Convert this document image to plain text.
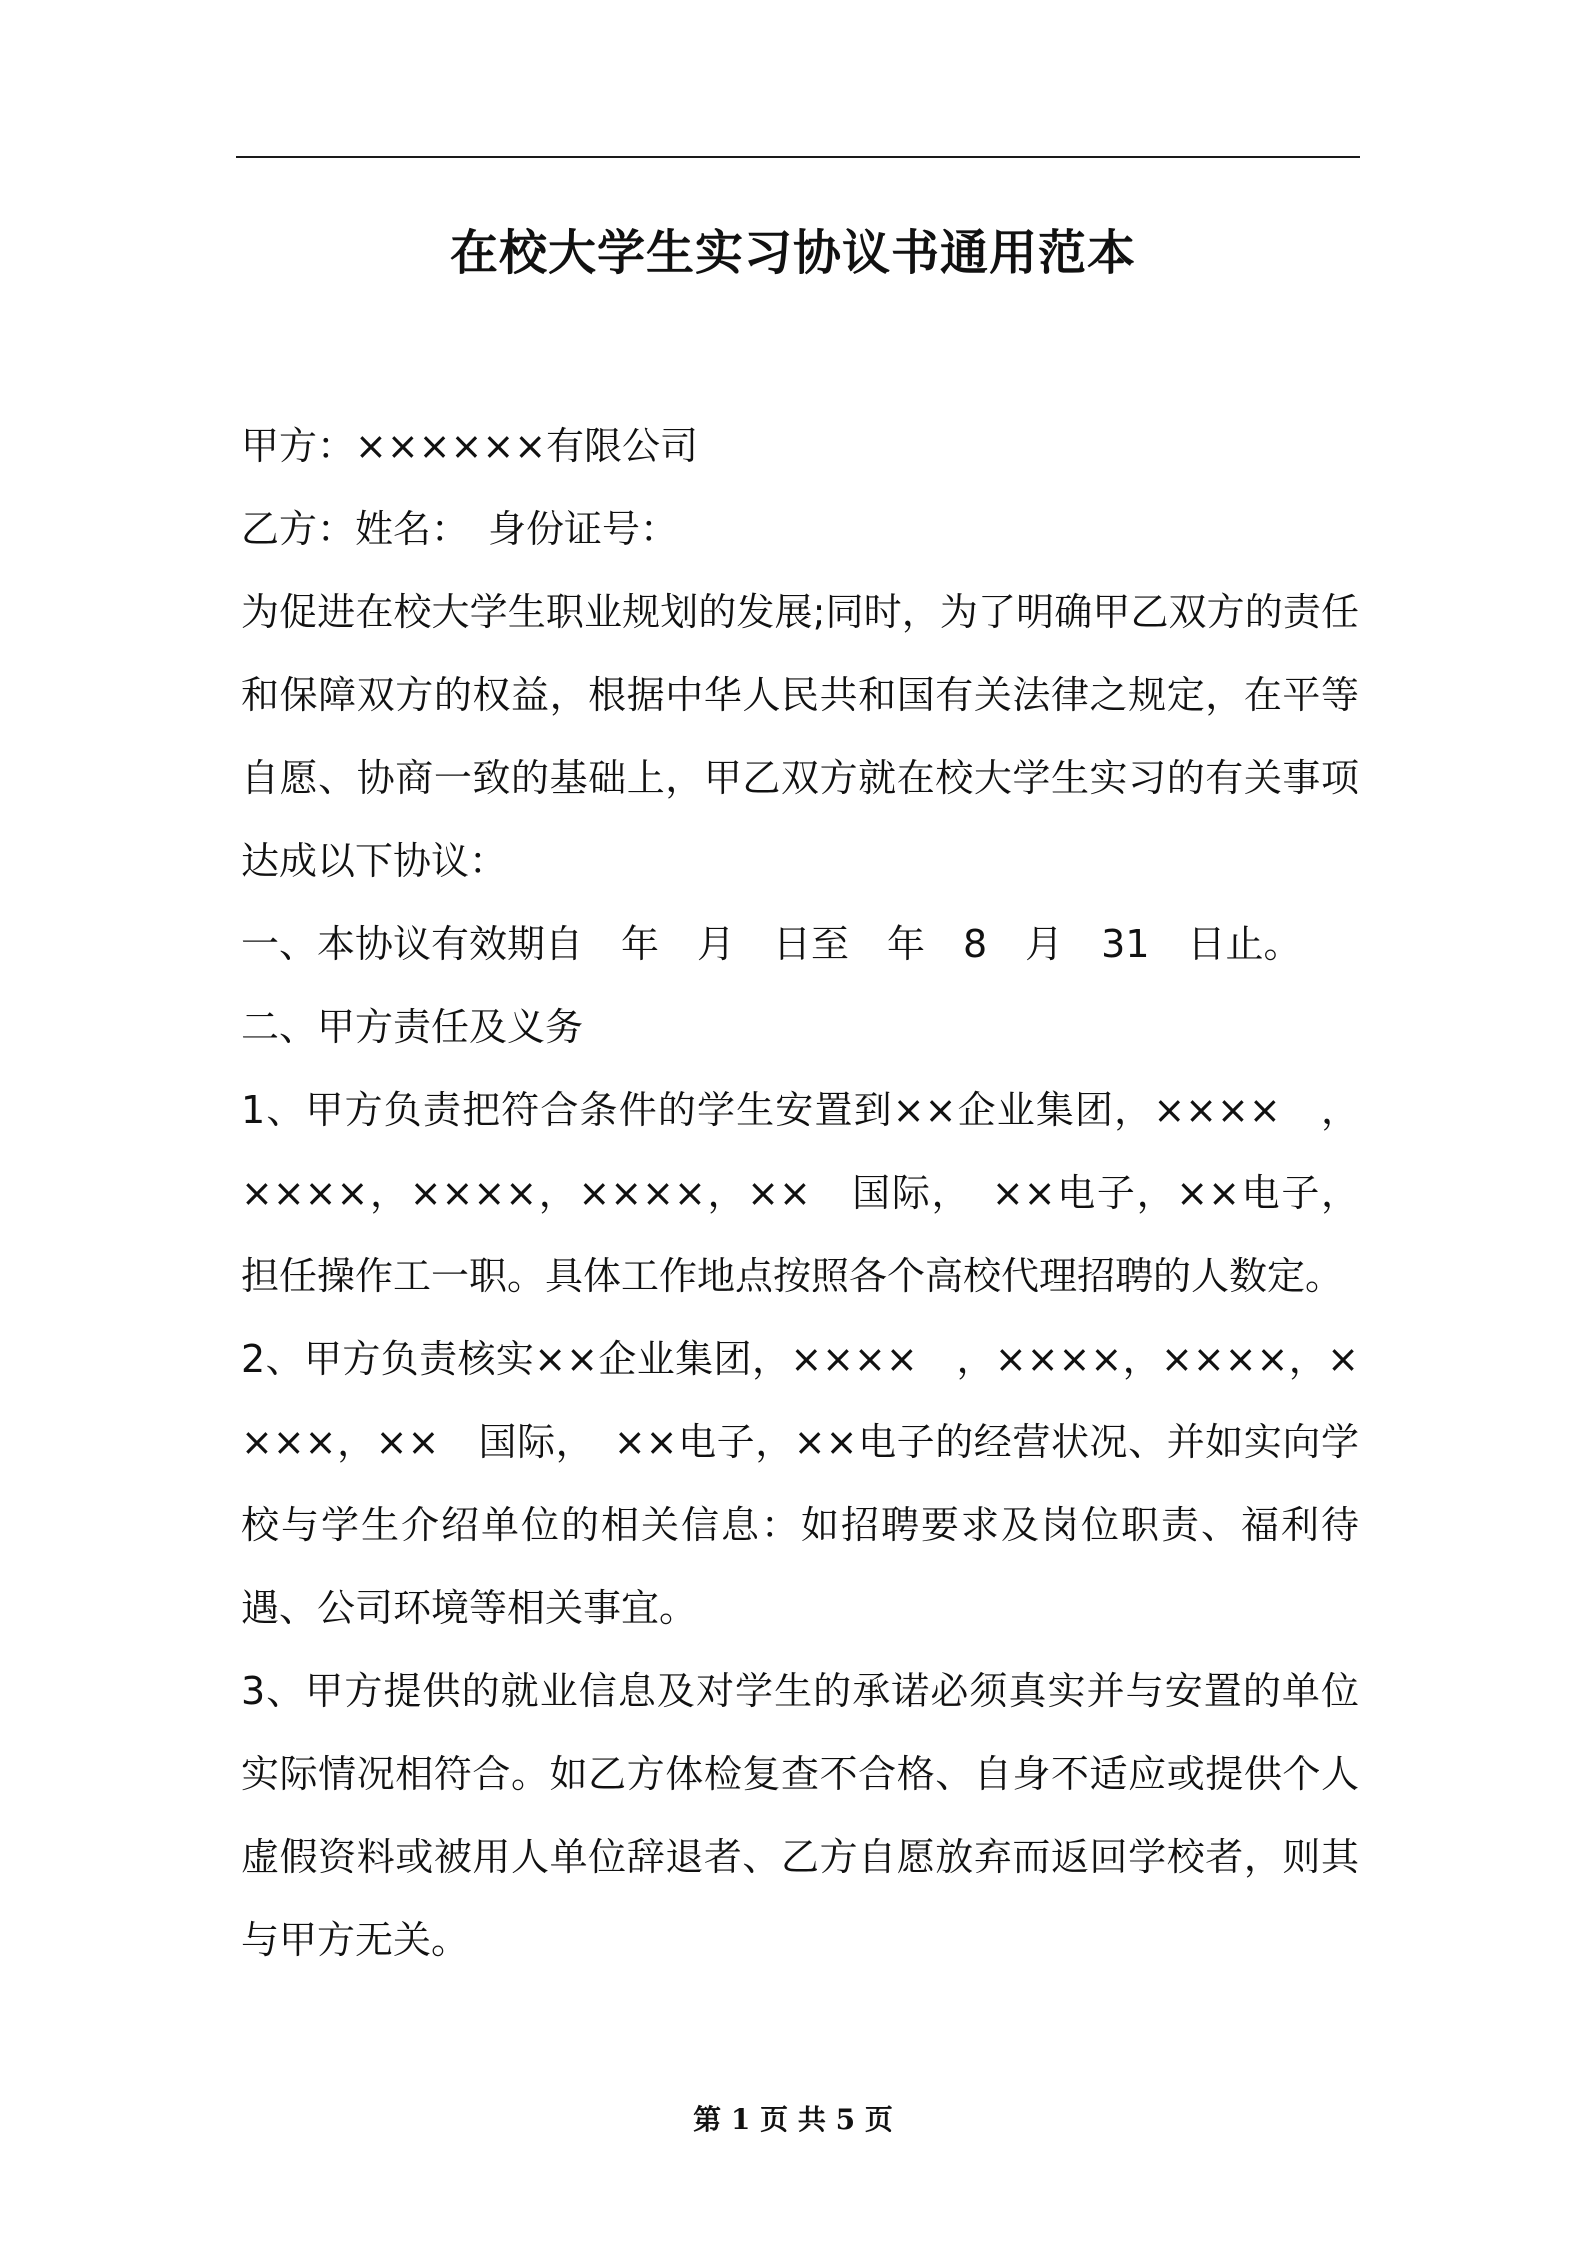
在校大学生实习协议书通用范本

甲方：××××××有限公司

乙方：姓名：　身份证号：

为促进在校大学生职业规划的发展;同时，为了明确甲乙双方的责任和保障双方的权益，根据中华人民共和国有关法律之规定，在平等自愿、协商一致的基础上，甲乙双方就在校大学生实习的有关事项达成以下协议：

一、本协议有效期自　年　月　日至　年　8　月　31　日止。

二、甲方责任及义务

1、甲方负责把符合条件的学生安置到××企业集团，××××　，××××，××××，××××，××　国际，　××电子，××电子，担任操作工一职。具体工作地点按照各个高校代理招聘的人数定。

2、甲方负责核实××企业集团，××××　，××××，××××，××××，××　国际，　××电子，××电子的经营状况、并如实向学校与学生介绍单位的相关信息：如招聘要求及岗位职责、福利待遇、公司环境等相关事宜。

3、甲方提供的就业信息及对学生的承诺必须真实并与安置的单位实际情况相符合。如乙方体检复查不合格、自身不适应或提供个人虚假资料或被用人单位辞退者、乙方自愿放弃而返回学校者，则其与甲方无关。

第 1 页 共 5 页
